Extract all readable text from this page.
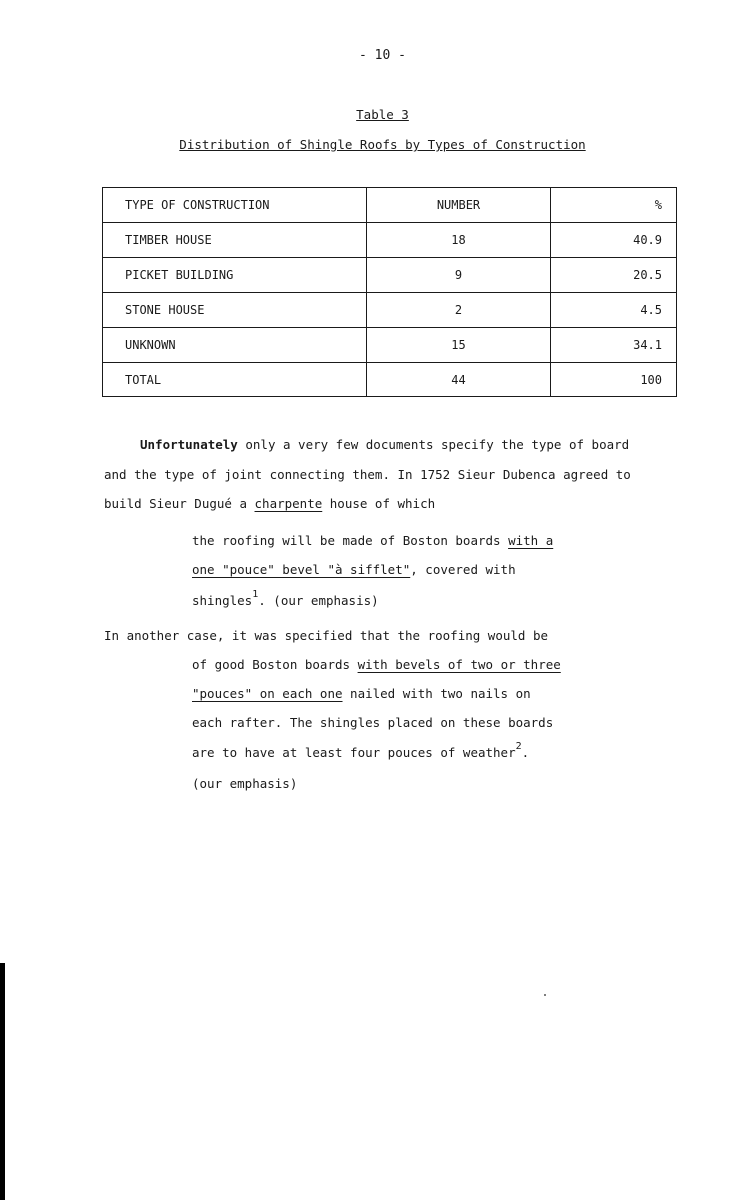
- 10 -
Table 3
Distribution of Shingle Roofs by Types of Construction
TYPE OF CONSTRUCTION	NUMBER	%
TIMBER HOUSE	18	40.9
PICKET BUILDING	9	20.5
STONE HOUSE	2	4.5
UNKNOWN	15	34.1
TOTAL	44	100
Unfortunately only a very few documents specify the type of board
and the type of joint connecting them. In 1752 Sieur Dubenca agreed to
build Sieur Dugué a charpente house of which
the roofing will be made of Boston boards with a
one "pouce" bevel "à sifflet", covered with
shingles$^1$. (our emphasis)
In another case, it was specified that the roofing would be
of good Boston boards with bevels of two or three
"pouces" on each one nailed with two nails on
each rafter. The shingles placed on these boards
are to have at least four pouces of weather$^2$.
(our emphasis)
